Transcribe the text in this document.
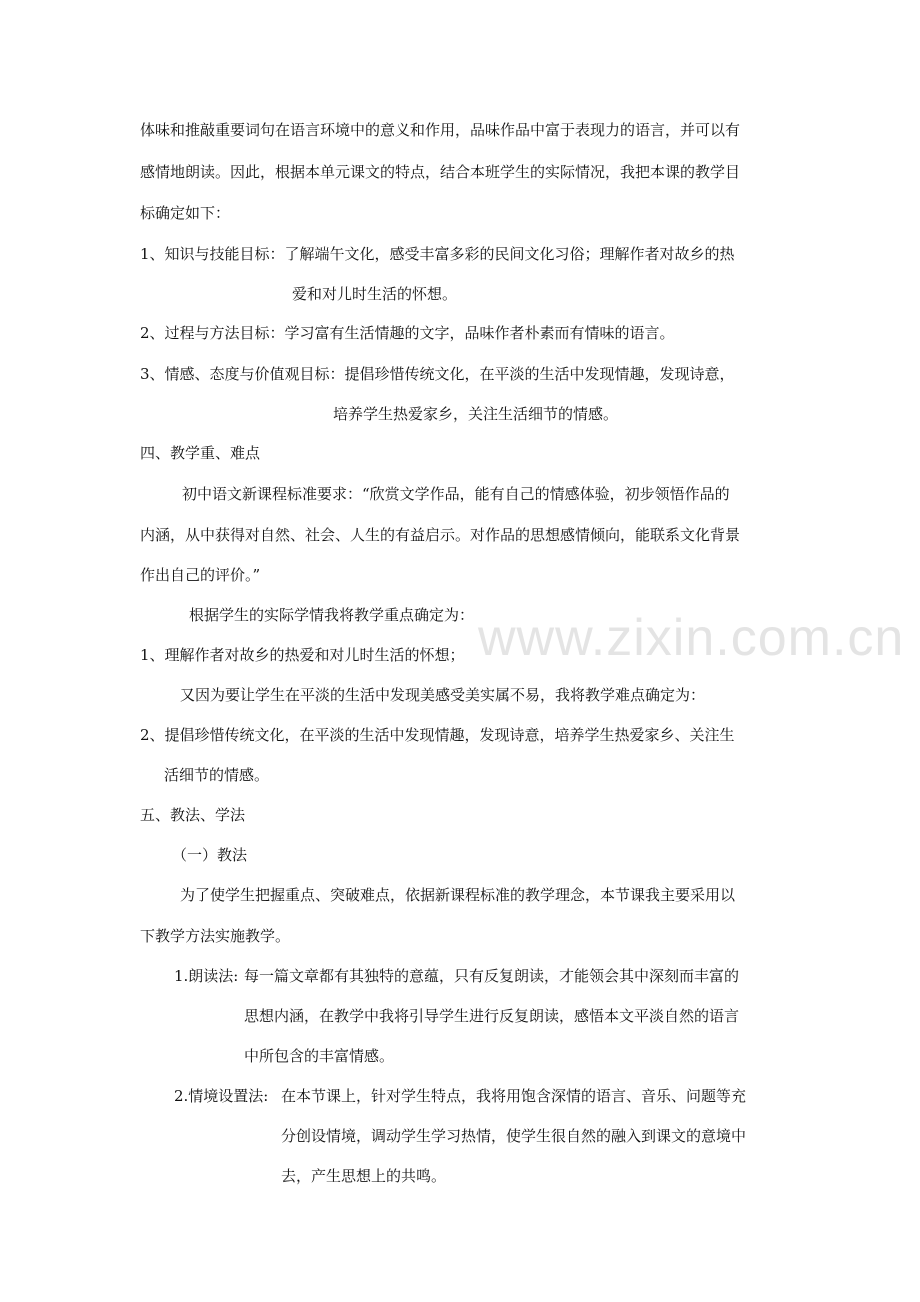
www.zixin.com.cn
体味和推敲重要词句在语言环境中的意义和作用，品味作品中富于表现力的语言，并可以有
感情地朗读。因此，根据本单元课文的特点，结合本班学生的实际情况，我把本课的教学目
标确定如下：
1、知识与技能目标：了解端午文化，感受丰富多彩的民间文化习俗；理解作者对故乡的热
爱和对儿时生活的怀想。
2、过程与方法目标：学习富有生活情趣的文字，品味作者朴素而有情味的语言。
3、情感、态度与价值观目标：提倡珍惜传统文化，在平淡的生活中发现情趣，发现诗意，
培养学生热爱家乡，关注生活细节的情感。
四、教学重、难点
初中语文新课程标准要求：“欣赏文学作品，能有自己的情感体验，初步领悟作品的
内涵，从中获得对自然、社会、人生的有益启示。对作品的思想感情倾向，能联系文化背景
作出自己的评价。”
根据学生的实际学情我将教学重点确定为：
1、理解作者对故乡的热爱和对儿时生活的怀想；
又因为要让学生在平淡的生活中发现美感受美实属不易，我将教学难点确定为：
2、提倡珍惜传统文化，在平淡的生活中发现情趣，发现诗意，培养学生热爱家乡、关注生
活细节的情感。
五、教法、学法
（一）教法
为了使学生把握重点、突破难点，依据新课程标准的教学理念，本节课我主要采用以
下教学方法实施教学。
1.朗读法: 每一篇文章都有其独特的意蕴，只有反复朗读，才能领会其中深刻而丰富的
思想内涵，在教学中我将引导学生进行反复朗读，感悟本文平淡自然的语言
中所包含的丰富情感。
2.情境设置法: 在本节课上，针对学生特点，我将用饱含深情的语言、音乐、问题等充
分创设情境，调动学生学习热情，使学生很自然的融入到课文的意境中
去，产生思想上的共鸣。
